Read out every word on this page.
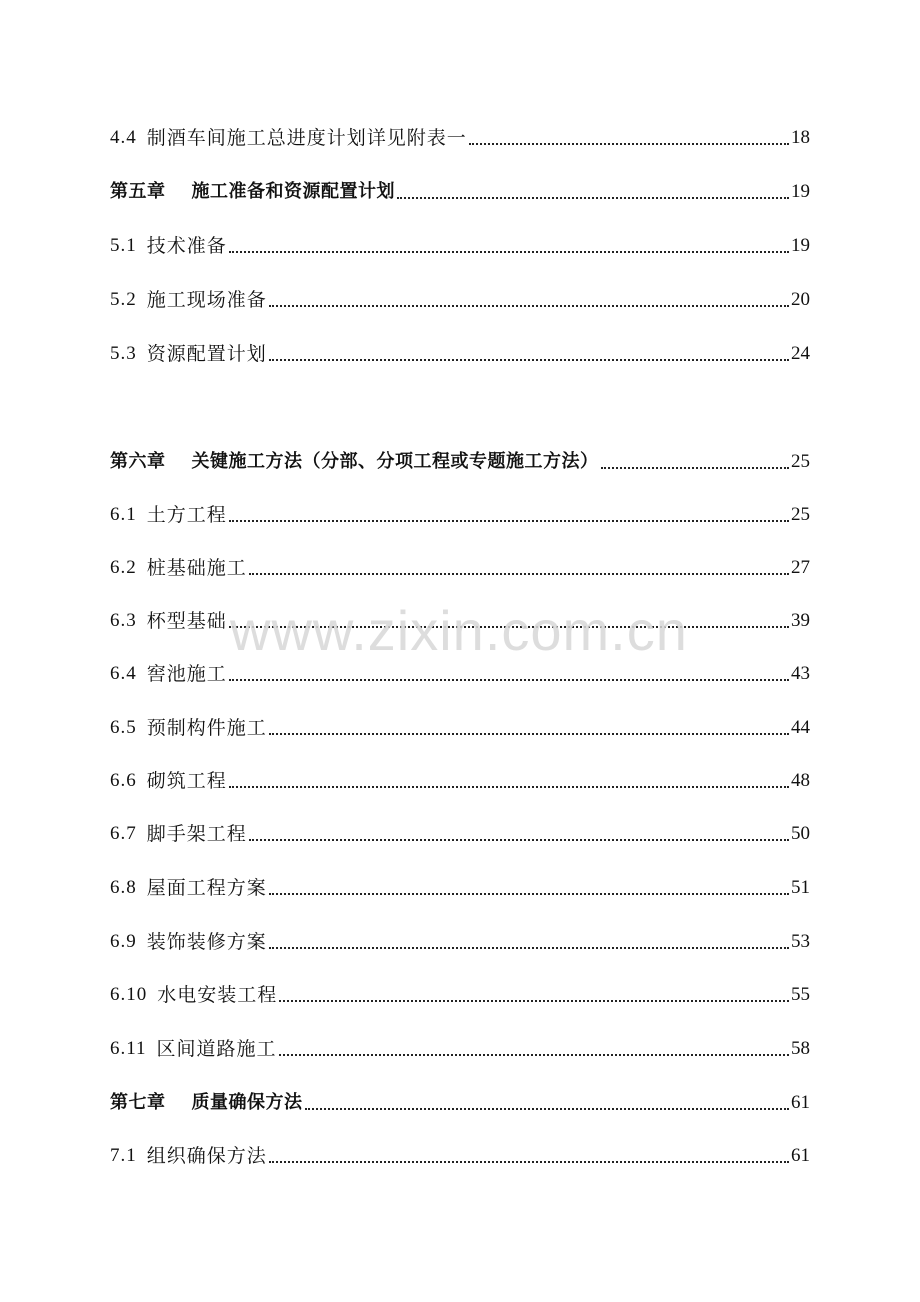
4.4 制酒车间施工总进度计划详见附表一	18
第五章 施工准备和资源配置计划	19
5.1 技术准备	19
5.2 施工现场准备	20
5.3 资源配置计划	24
第六章 关键施工方法（分部、分项工程或专题施工方法）	25
6.1 土方工程	25
6.2 桩基础施工	27
6.3 杯型基础	39
6.4 窖池施工	43
6.5 预制构件施工	44
6.6 砌筑工程	48
6.7 脚手架工程	50
6.8 屋面工程方案	51
6.9 装饰装修方案	53
6.10 水电安装工程	55
6.11 区间道路施工	58
第七章 质量确保方法	61
7.1 组织确保方法	61
www.zixin.com.cn
